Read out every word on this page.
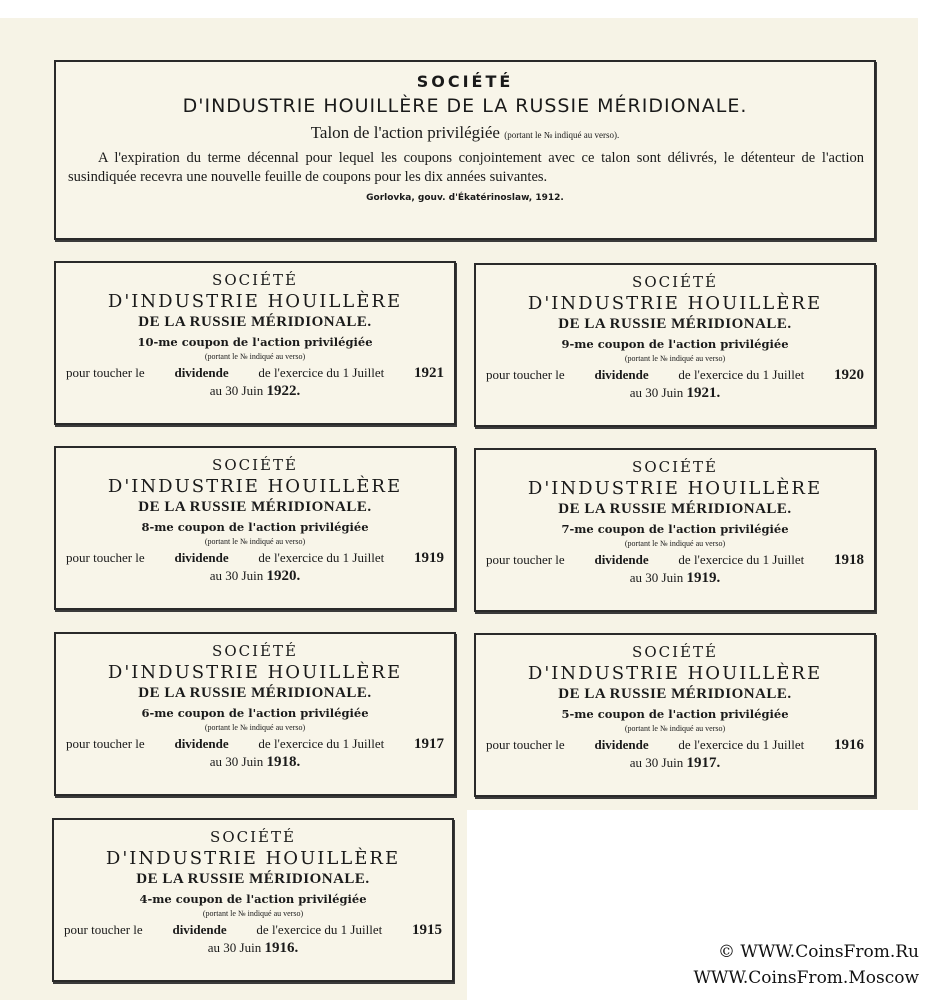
SOCIÉTÉ
D'INDUSTRIE HOUILLÈRE DE LA RUSSIE MÉRIDIONALE.
Talon de l'action privilégiée (portant le № indiqué au verso).
A l'expiration du terme décennal pour lequel les coupons conjointement avec ce talon sont délivrés, le détenteur de l'action susindiquée recevra une nouvelle feuille de coupons pour les dix années suivantes.
Gorlovka, gouv. d'Ékatérinoslaw, 1912.
SOCIÉTÉ
D'INDUSTRIE HOUILLÈRE
DE LA RUSSIE MÉRIDIONALE.
10-me coupon de l'action privilégiée
(portant le № indiqué au verso)
pour toucher le dividende de l'exercice du 1 Juillet 1921
au 30 Juin 1922.
SOCIÉTÉ
D'INDUSTRIE HOUILLÈRE
DE LA RUSSIE MÉRIDIONALE.
9-me coupon de l'action privilégiée
(portant le № indiqué au verso)
pour toucher le dividende de l'exercice du 1 Juillet 1920
au 30 Juin 1921.
SOCIÉTÉ
D'INDUSTRIE HOUILLÈRE
DE LA RUSSIE MÉRIDIONALE.
8-me coupon de l'action privilégiée
(portant le № indiqué au verso)
pour toucher le dividende de l'exercice du 1 Juillet 1919
au 30 Juin 1920.
SOCIÉTÉ
D'INDUSTRIE HOUILLÈRE
DE LA RUSSIE MÉRIDIONALE.
7-me coupon de l'action privilégiée
(portant le № indiqué au verso)
pour toucher le dividende de l'exercice du 1 Juillet 1918
au 30 Juin 1919.
SOCIÉTÉ
D'INDUSTRIE HOUILLÈRE
DE LA RUSSIE MÉRIDIONALE.
6-me coupon de l'action privilégiée
(portant le № indiqué au verso)
pour toucher le dividende de l'exercice du 1 Juillet 1917
au 30 Juin 1918.
SOCIÉTÉ
D'INDUSTRIE HOUILLÈRE
DE LA RUSSIE MÉRIDIONALE.
5-me coupon de l'action privilégiée
(portant le № indiqué au verso)
pour toucher le dividende de l'exercice du 1 Juillet 1916
au 30 Juin 1917.
SOCIÉTÉ
D'INDUSTRIE HOUILLÈRE
DE LA RUSSIE MÉRIDIONALE.
4-me coupon de l'action privilégiée
(portant le № indiqué au verso)
pour toucher le dividende de l'exercice du 1 Juillet 1915
au 30 Juin 1916.	© WWW.CoinsFrom.Ru
WWW.CoinsFrom.Moscow
